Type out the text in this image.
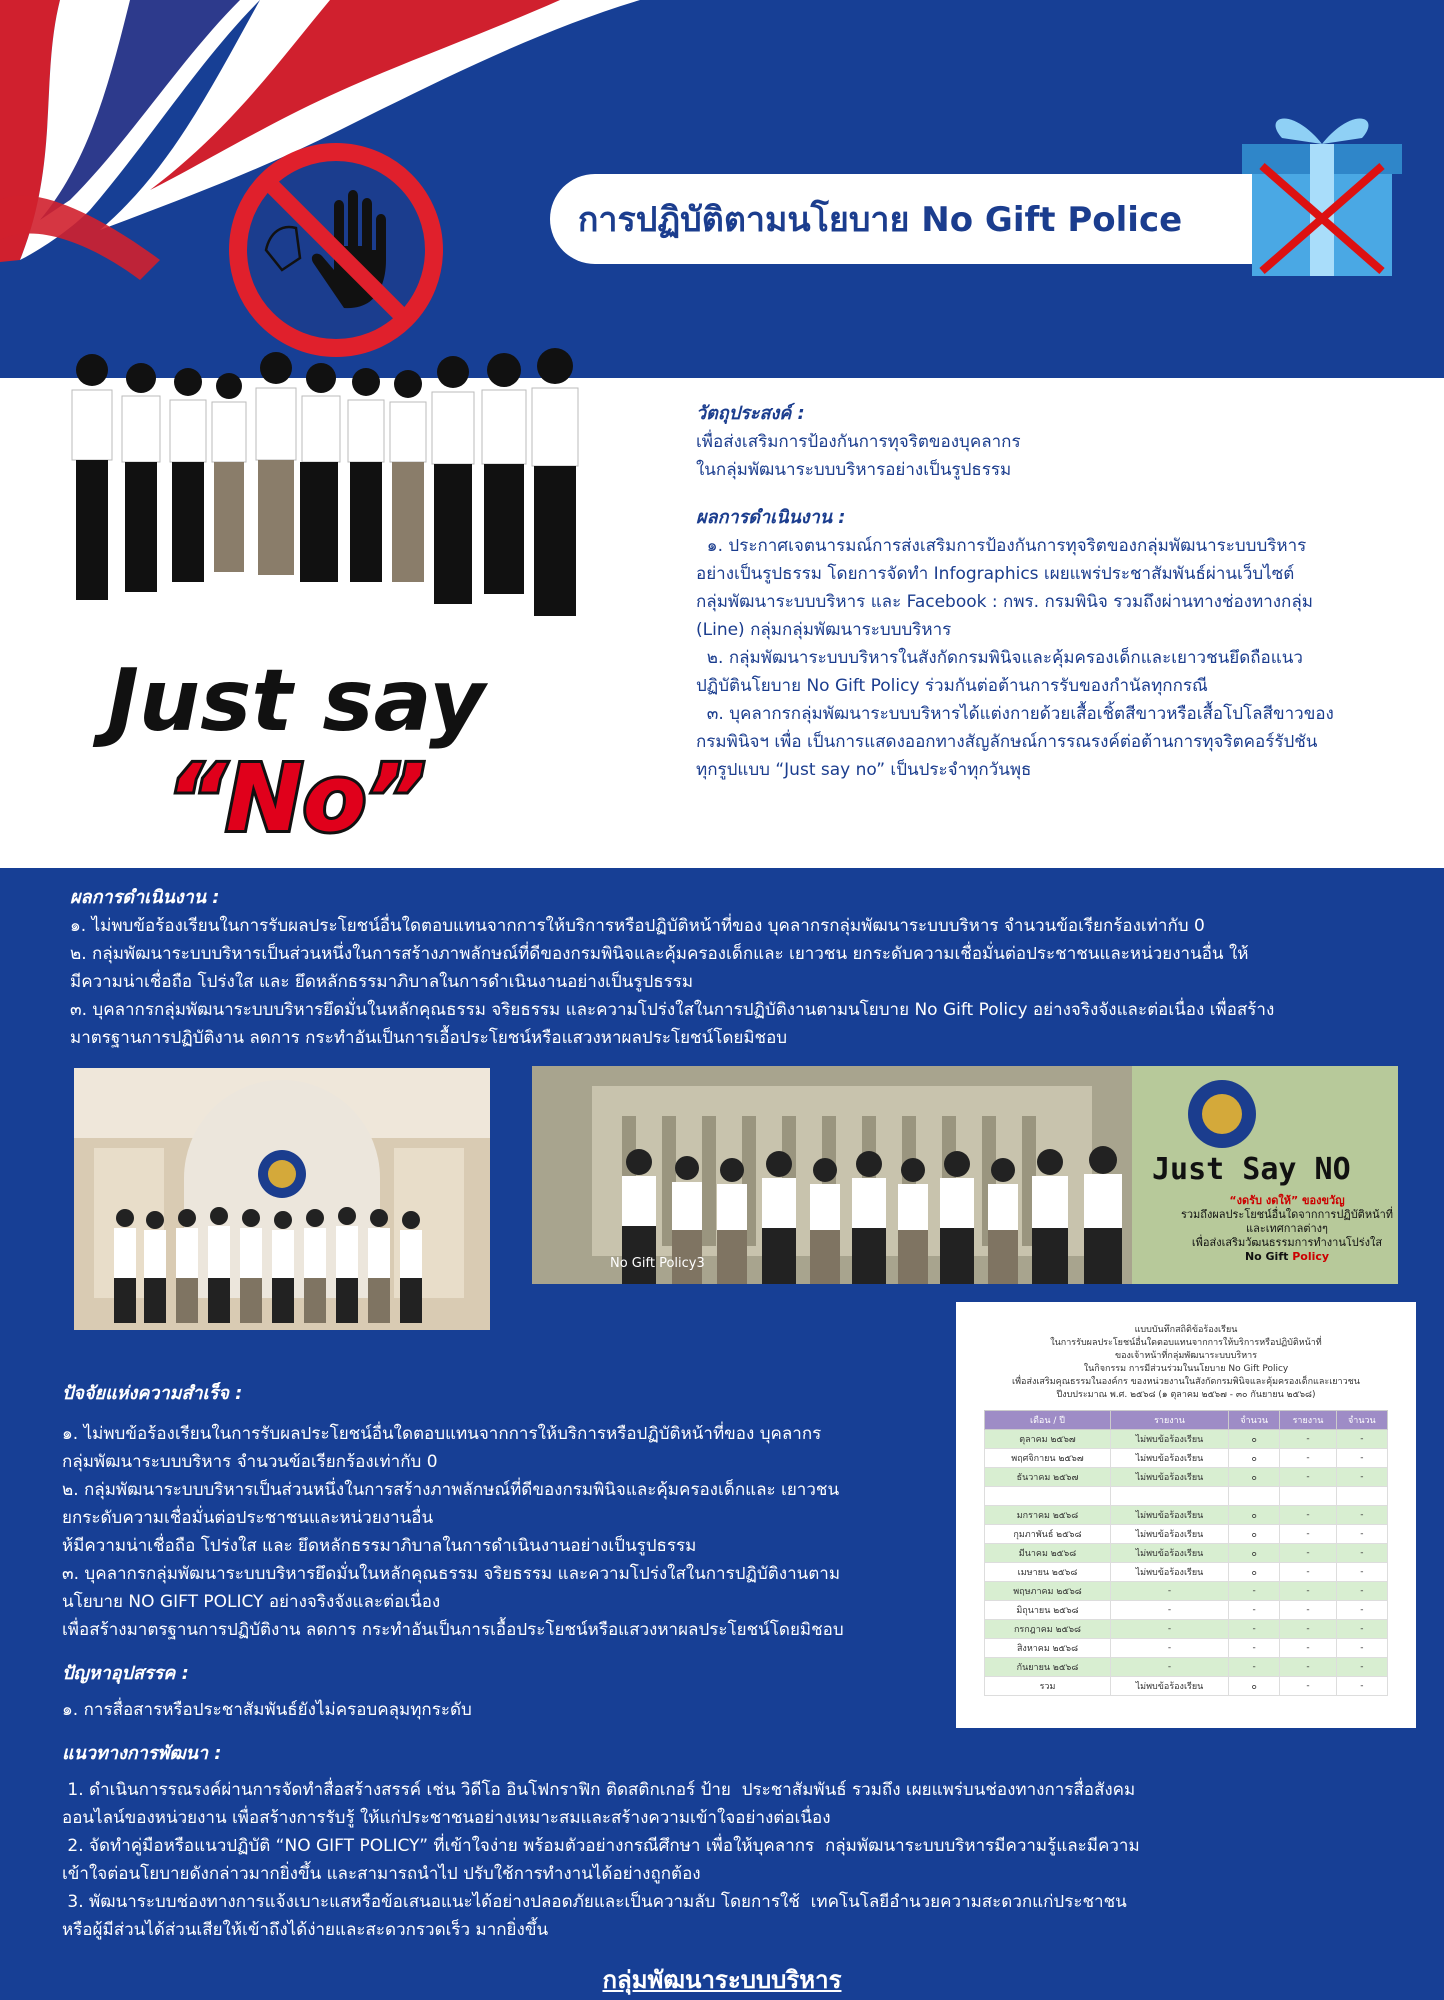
การปฏิบัติตามนโยบาย No Gift Police
Just say
“No”
วัตถุประสงค์ :
เพื่อส่งเสริมการป้องกันการทุจริตของบุคลากร
ในกลุ่มพัฒนาระบบบริหารอย่างเป็นรูปธรรม
ผลการดำเนินงาน :
๑. ประกาศเจตนารมณ์การส่งเสริมการป้องกันการทุจริตของกลุ่มพัฒนาระบบบริหาร
อย่างเป็นรูปธรรม โดยการจัดทำ Infographics เผยแพร่ประชาสัมพันธ์ผ่านเว็บไซต์
กลุ่มพัฒนาระบบบริหาร และ Facebook : กพร. กรมพินิจ รวมถึงผ่านทางช่องทางกลุ่ม
(Line) กลุ่มกลุ่มพัฒนาระบบบริหาร
๒. กลุ่มพัฒนาระบบบริหารในสังกัดกรมพินิจและคุ้มครองเด็กและเยาวชนยึดถือแนว
ปฏิบัตินโยบาย No Gift Policy ร่วมกันต่อต้านการรับของกำนัลทุกกรณี
๓. บุคลากรกลุ่มพัฒนาระบบบริหารได้แต่งกายด้วยเสื้อเชิ้ตสีขาวหรือเสื้อโปโลสีขาวของ
กรมพินิจฯ เพื่อ เป็นการแสดงออกทางสัญลักษณ์การรณรงค์ต่อต้านการทุจริตคอร์รัปชัน
ทุกรูปแบบ “Just say no” เป็นประจำทุกวันพุธ
ผลการดำเนินงาน :
๑. ไม่พบข้อร้องเรียนในการรับผลประโยชน์อื่นใดตอบแทนจากการให้บริการหรือปฏิบัติหน้าที่ของ บุคลากรกลุ่มพัฒนาระบบบริหาร จำนวนข้อเรียกร้องเท่ากับ 0
๒. กลุ่มพัฒนาระบบบริหารเป็นส่วนหนึ่งในการสร้างภาพลักษณ์ที่ดีของกรมพินิจและคุ้มครองเด็กและ เยาวชน ยกระดับความเชื่อมั่นต่อประชาชนและหน่วยงานอื่น ให้
มีความน่าเชื่อถือ โปร่งใส และ ยึดหลักธรรมาภิบาลในการดำเนินงานอย่างเป็นรูปธรรม
๓. บุคลากรกลุ่มพัฒนาระบบบริหารยึดมั่นในหลักคุณธรรม จริยธรรม และความโปร่งใสในการปฏิบัติงานตามนโยบาย No Gift Policy อย่างจริงจังและต่อเนื่อง เพื่อสร้าง
มาตรฐานการปฏิบัติงาน ลดการ กระทำอันเป็นการเอื้อประโยชน์หรือแสวงหาผลประโยชน์โดยมิชอบ
Just Say NO
“งดรับ งดให้” ของขวัญ
รวมถึงผลประโยชน์อื่นใดจากการปฏิบัติหน้าที่
และเทศกาลต่างๆ
เพื่อส่งเสริมวัฒนธรรมการทำงานโปร่งใส
No Gift Policy
No Gift Policy3
แบบบันทึกสถิติข้อร้องเรียน
ในการรับผลประโยชน์อื่นใดตอบแทนจากการให้บริการหรือปฏิบัติหน้าที่
ของเจ้าหน้าที่กลุ่มพัฒนาระบบบริหาร
ในกิจกรรม การมีส่วนร่วมในนโยบาย No Gift Policy
เพื่อส่งเสริมคุณธรรมในองค์กร ของหน่วยงานในสังกัดกรมพินิจและคุ้มครองเด็กและเยาวชน
ปีงบประมาณ พ.ศ. ๒๕๖๘ (๑ ตุลาคม ๒๕๖๗ - ๓๐ กันยายน ๒๕๖๘)
เดือน / ปี	รายงาน	จำนวน	รายงาน	จำนวน
ตุลาคม ๒๕๖๗	ไม่พบข้อร้องเรียน	๐	-	-
พฤศจิกายน ๒๕๖๗	ไม่พบข้อร้องเรียน	๐	-	-
ธันวาคม ๒๕๖๗	ไม่พบข้อร้องเรียน	๐	-	-

มกราคม ๒๕๖๘	ไม่พบข้อร้องเรียน	๐	-	-
กุมภาพันธ์ ๒๕๖๘	ไม่พบข้อร้องเรียน	๐	-	-
มีนาคม ๒๕๖๘	ไม่พบข้อร้องเรียน	๐	-	-
เมษายน ๒๕๖๘	ไม่พบข้อร้องเรียน	๐	-	-
พฤษภาคม ๒๕๖๘	-	-	-	-
มิถุนายน ๒๕๖๘	-	-	-	-
กรกฎาคม ๒๕๖๘	-	-	-	-
สิงหาคม ๒๕๖๘	-	-	-	-
กันยายน ๒๕๖๘	-	-	-	-
รวม	ไม่พบข้อร้องเรียน	๐	-	-
ปัจจัยแห่งความสำเร็จ :
๑. ไม่พบข้อร้องเรียนในการรับผลประโยชน์อื่นใดตอบแทนจากการให้บริการหรือปฏิบัติหน้าที่ของ บุคลากร
กลุ่มพัฒนาระบบบริหาร จำนวนข้อเรียกร้องเท่ากับ 0
๒. กลุ่มพัฒนาระบบบริหารเป็นส่วนหนึ่งในการสร้างภาพลักษณ์ที่ดีของกรมพินิจและคุ้มครองเด็กและ เยาวชน
ยกระดับความเชื่อมั่นต่อประชาชนและหน่วยงานอื่น
ห้มีความน่าเชื่อถือ โปร่งใส และ ยึดหลักธรรมาภิบาลในการดำเนินงานอย่างเป็นรูปธรรม
๓. บุคลากรกลุ่มพัฒนาระบบบริหารยึดมั่นในหลักคุณธรรม จริยธรรม และความโปร่งใสในการปฏิบัติงานตาม
นโยบาย NO GIFT POLICY อย่างจริงจังและต่อเนื่อง
เพื่อสร้างมาตรฐานการปฏิบัติงาน ลดการ กระทำอันเป็นการเอื้อประโยชน์หรือแสวงหาผลประโยชน์โดยมิชอบ
ปัญหาอุปสรรค :
๑. การสื่อสารหรือประชาสัมพันธ์ยังไม่ครอบคลุมทุกระดับ
แนวทางการพัฒนา :
1. ดำเนินการรณรงค์ผ่านการจัดทำสื่อสร้างสรรค์ เช่น วิดีโอ อินโฟกราฟิก ติดสติกเกอร์ ป้าย  ประชาสัมพันธ์ รวมถึง เผยแพร่บนช่องทางการสื่อสังคม
ออนไลน์ของหน่วยงาน เพื่อสร้างการรับรู้ ให้แก่ประชาชนอย่างเหมาะสมและสร้างความเข้าใจอย่างต่อเนื่อง
2. จัดทำคู่มือหรือแนวปฏิบัติ “NO GIFT POLICY” ที่เข้าใจง่าย พร้อมตัวอย่างกรณีศึกษา เพื่อให้บุคลากร  กลุ่มพัฒนาระบบบริหารมีความรู้และมีความ
เข้าใจต่อนโยบายดังกล่าวมากยิ่งขึ้น และสามารถนำไป ปรับใช้การทำงานได้อย่างถูกต้อง
3. พัฒนาระบบช่องทางการแจ้งเบาะแสหรือข้อเสนอแนะได้อย่างปลอดภัยและเป็นความลับ โดยการใช้  เทคโนโลยีอำนวยความสะดวกแก่ประชาชน
หรือผู้มีส่วนได้ส่วนเสียให้เข้าถึงได้ง่ายและสะดวกรวดเร็ว มากยิ่งขึ้น
กลุ่มพัฒนาระบบบริหาร
